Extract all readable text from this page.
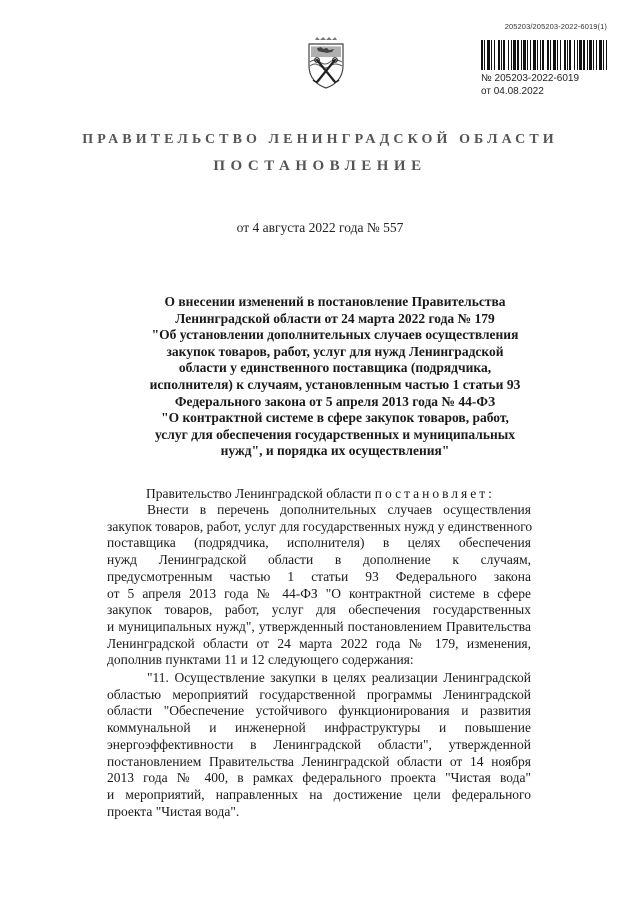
205203/205203-2022-6019(1)
№ 205203-2022-6019
от 04.08.2022
ПРАВИТЕЛЬСТВО ЛЕНИНГРАДСКОЙ ОБЛАСТИ
ПОСТАНОВЛЕНИЕ
от 4 августа 2022 года № 557
О внесении изменений в постановление Правительства
Ленинградской области от 24 марта 2022 года № 179
"Об установлении дополнительных случаев осуществления
закупок товаров, работ, услуг для нужд Ленинградской
области у единственного поставщика (подрядчика,
исполнителя) к случаям, установленным частью 1 статьи 93
Федерального закона от 5 апреля 2013 года № 44-ФЗ
"О контрактной системе в сфере закупок товаров, работ,
услуг для обеспечения государственных и муниципальных
нужд", и порядка их осуществления"
Правительство Ленинградской области постановляет:
Внести в перечень дополнительных случаев осуществления
закупок товаров, работ, услуг для государственных нужд у единственного
поставщика (подрядчика, исполнителя) в целях обеспечения
нужд Ленинградской области в дополнение к случаям,
предусмотренным частью 1 статьи 93 Федерального закона
от 5 апреля 2013 года № 44-ФЗ "О контрактной системе в сфере
закупок товаров, работ, услуг для обеспечения государственных
и муниципальных нужд", утвержденный постановлением Правительства
Ленинградской области от 24 марта 2022 года № 179, изменения,
дополнив пунктами 11 и 12 следующего содержания:
"11. Осуществление закупки в целях реализации Ленинградской
областью мероприятий государственной программы Ленинградской
области "Обеспечение устойчивого функционирования и развития
коммунальной и инженерной инфраструктуры и повышение
энергоэффективности в Ленинградской области", утвержденной
постановлением Правительства Ленинградской области от 14 ноября
2013 года № 400, в рамках федерального проекта "Чистая вода"
и мероприятий, направленных на достижение цели федерального
проекта "Чистая вода".
